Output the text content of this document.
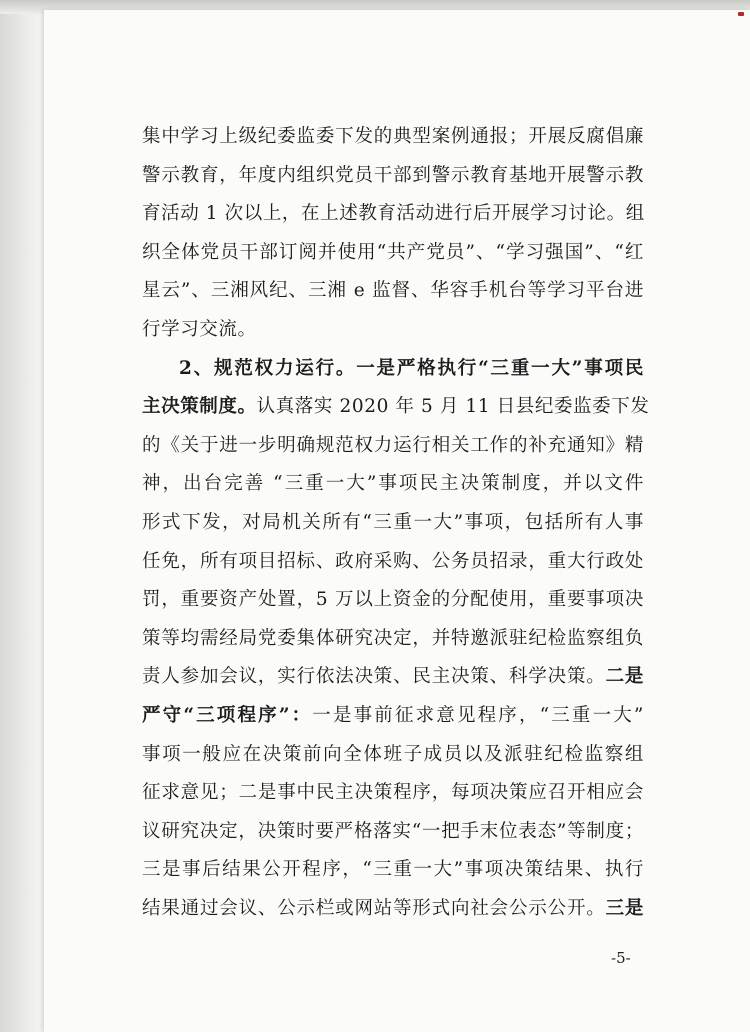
集中学习上级纪委监委下发的典型案例通报；开展反腐倡廉
警示教育，年度内组织党员干部到警示教育基地开展警示教
育活动 1 次以上，在上述教育活动进行后开展学习讨论。组
织全体党员干部订阅并使用“共产党员”、“学习强国”、“红
星云”、三湘风纪、三湘 e 监督、华容手机台等学习平台进
行学习交流。
2、规范权力运行。一是严格执行“三重一大”事项民
主决策制度。认真落实 2020 年 5 月 11 日县纪委监委下发
的《关于进一步明确规范权力运行相关工作的补充通知》精
神，出台完善 “三重一大”事项民主决策制度，并以文件
形式下发，对局机关所有“三重一大”事项，包括所有人事
任免，所有项目招标、政府采购、公务员招录，重大行政处
罚，重要资产处置，5 万以上资金的分配使用，重要事项决
策等均需经局党委集体研究决定，并特邀派驻纪检监察组负
责人参加会议，实行依法决策、民主决策、科学决策。二是
严守“三项程序”：一是事前征求意见程序，“三重一大”
事项一般应在决策前向全体班子成员以及派驻纪检监察组
征求意见；二是事中民主决策程序，每项决策应召开相应会
议研究决定，决策时要严格落实“一把手末位表态”等制度；
三是事后结果公开程序，“三重一大”事项决策结果、执行
结果通过会议、公示栏或网站等形式向社会公示公开。三是
-5-
